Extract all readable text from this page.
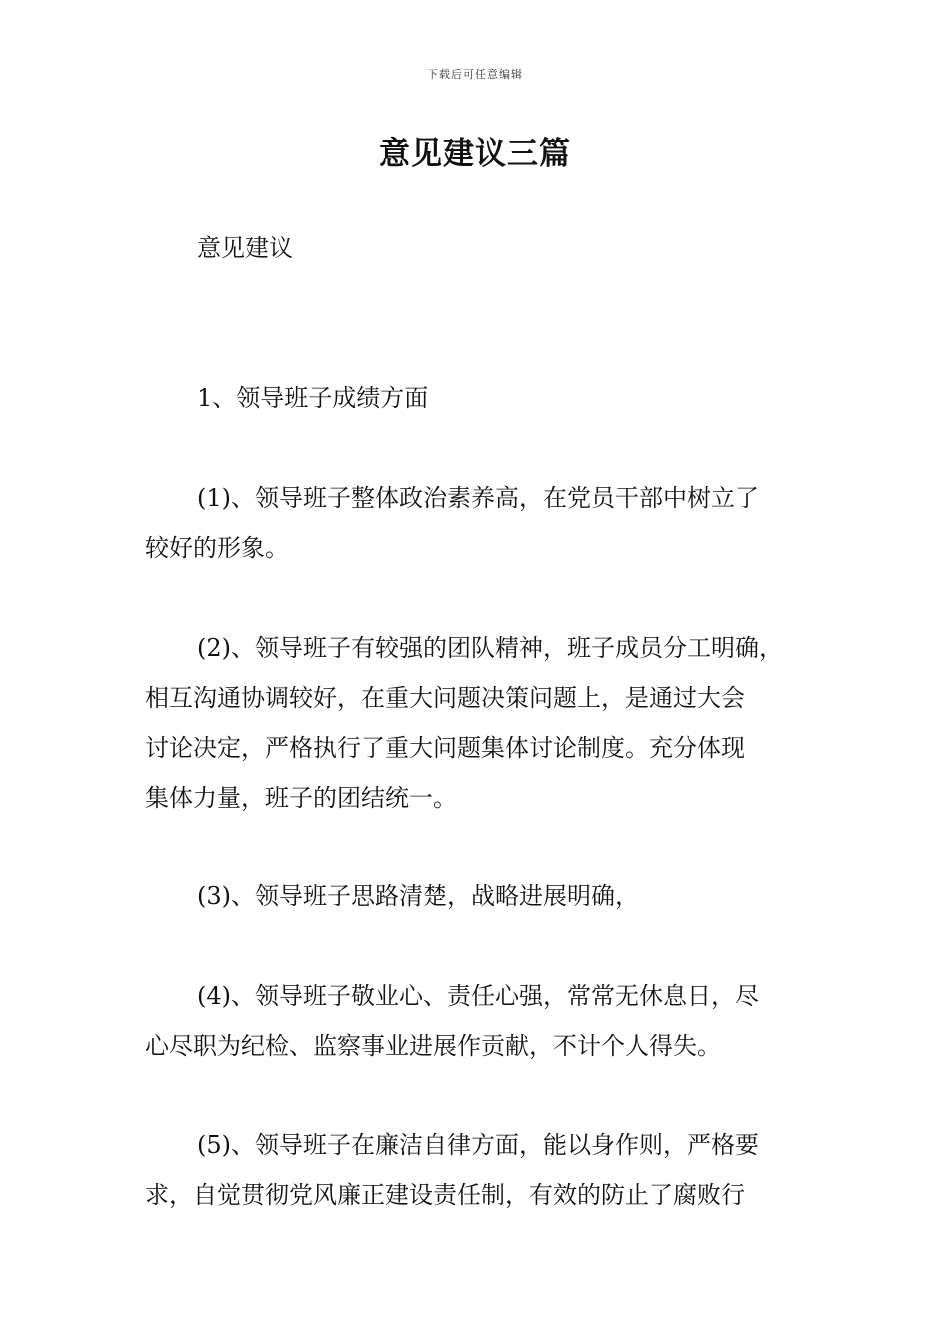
下载后可任意编辑
意见建议三篇
意见建议
1、领导班子成绩方面
(1)、领导班子整体政治素养高，在党员干部中树立了
较好的形象。
(2)、领导班子有较强的团队精神，班子成员分工明确，
相互沟通协调较好，在重大问题决策问题上，是通过大会
讨论决定，严格执行了重大问题集体讨论制度。充分体现
集体力量，班子的团结统一。
(3)、领导班子思路清楚，战略进展明确，
(4)、领导班子敬业心、责任心强，常常无休息日，尽
心尽职为纪检、监察事业进展作贡献，不计个人得失。
(5)、领导班子在廉洁自律方面，能以身作则，严格要
求，自觉贯彻党风廉正建设责任制，有效的防止了腐败行
